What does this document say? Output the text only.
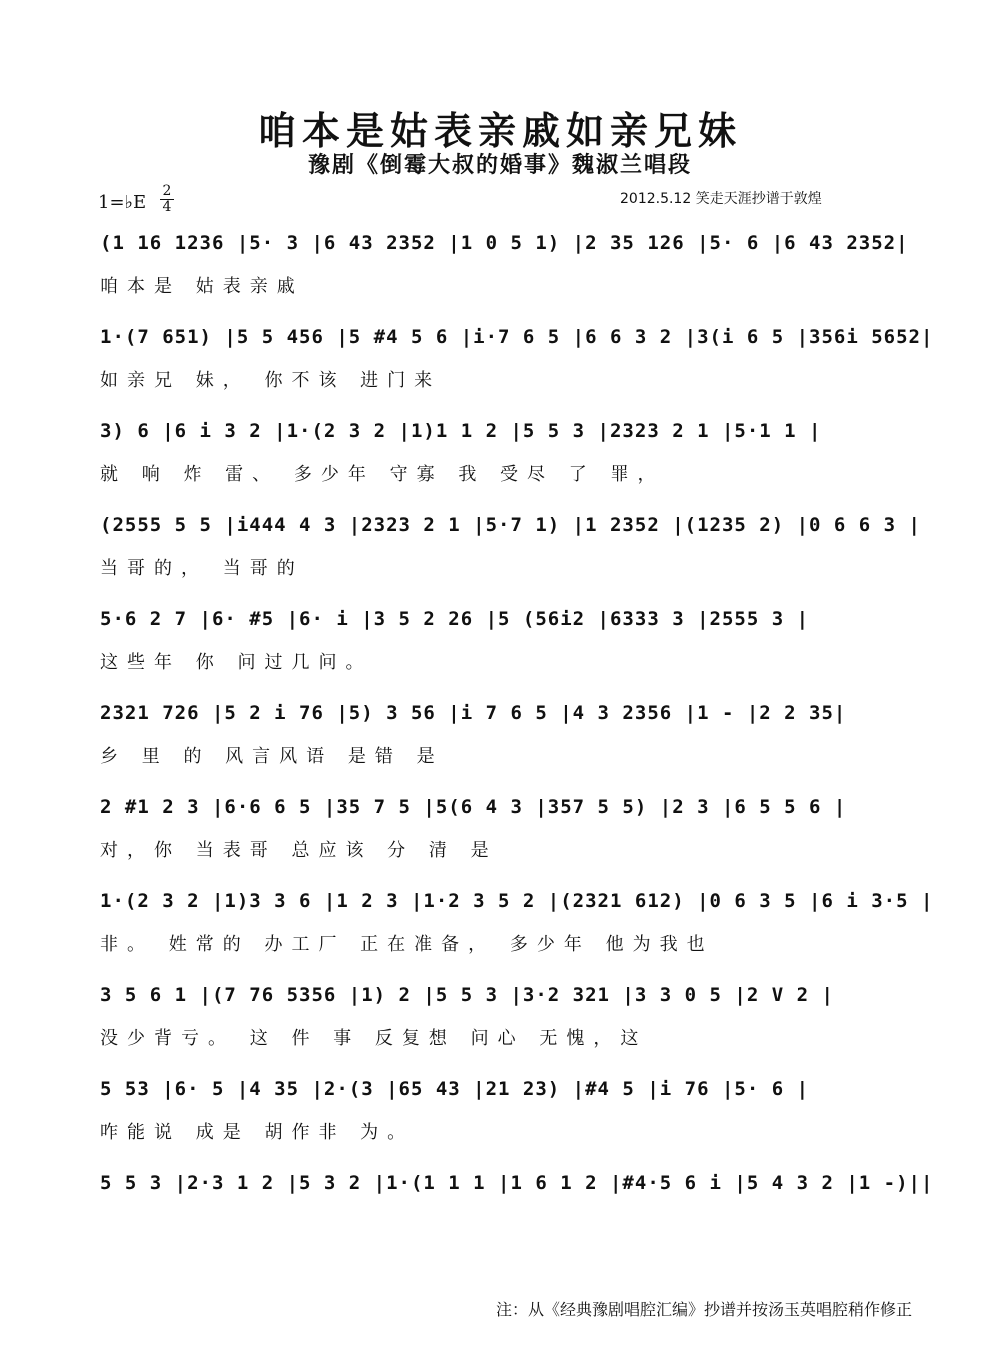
咱本是姑表亲戚如亲兄妹
豫剧《倒霉大叔的婚事》魏淑兰唱段
1=♭E
2
4	2012.5.12 笑走天涯抄谱于敦煌
(1 16 1236 |5· 3 |6 43 2352 |1 0 5 1) |2 35 126 |5· 6 |6 43 2352|
咱本是 姑表亲戚
1·(7 651) |5 5 456 |5 #4 5 6 |i·7 6 5 |6 6 3 2 |3(i 6 5 |356i 5652|
如亲兄 妹， 你不该 进门来
3) 6 |6 i 3 2 |1·(2 3 2 |1)1 1 2 |5 5 3 |2323 2 1 |5·1 1 |
就 响 炸 雷、 多少年 守寡 我 受尽 了 罪，
(2555 5 5 |i444 4 3 |2323 2 1 |5·7 1) |1 2352 |(1235 2) |0 6 6 3 |
当哥的， 当哥的
5·6 2 7 |6· #5 |6· i |3 5 2 26 |5 (56i2 |6333 3 |2555 3 |
这些年 你 问过几问。
2321 726 |5 2 i 76 |5) 3 56 |i 7 6 5 |4 3 2356 |1 - |2 2 35|
乡 里 的 风言风语 是错 是
2 #1 2 3 |6·6 6 5 |35 7 5 |5(6 4 3 |357 5 5) |2 3 |6 5 5 6 |
对，你 当表哥 总应该 分 清 是
1·(2 3 2 |1)3 3 6 |1 2 3 |1·2 3 5 2 |(2321 612) |0 6 3 5 |6 i 3·5 |
非。 姓常的 办工厂 正在准备， 多少年 他为我也
3 5 6 1 |(7 76 5356 |1) 2 |5 5 3 |3·2 321 |3 3 0 5 |2 V 2 |
没少背亏。 这 件 事 反复想 问心 无愧，这
5 53 |6· 5 |4 35 |2·(3 |65 43 |21 23) |#4 5 |i 76 |5· 6 |
咋能说 成是 胡作非 为。
5 5 3 |2·3 1 2 |5 3 2 |1·(1 1 1 |1 6 1 2 |#4·5 6 i |5 4 3 2 |1 -)||
注：从《经典豫剧唱腔汇编》抄谱并按汤玉英唱腔稍作修正
